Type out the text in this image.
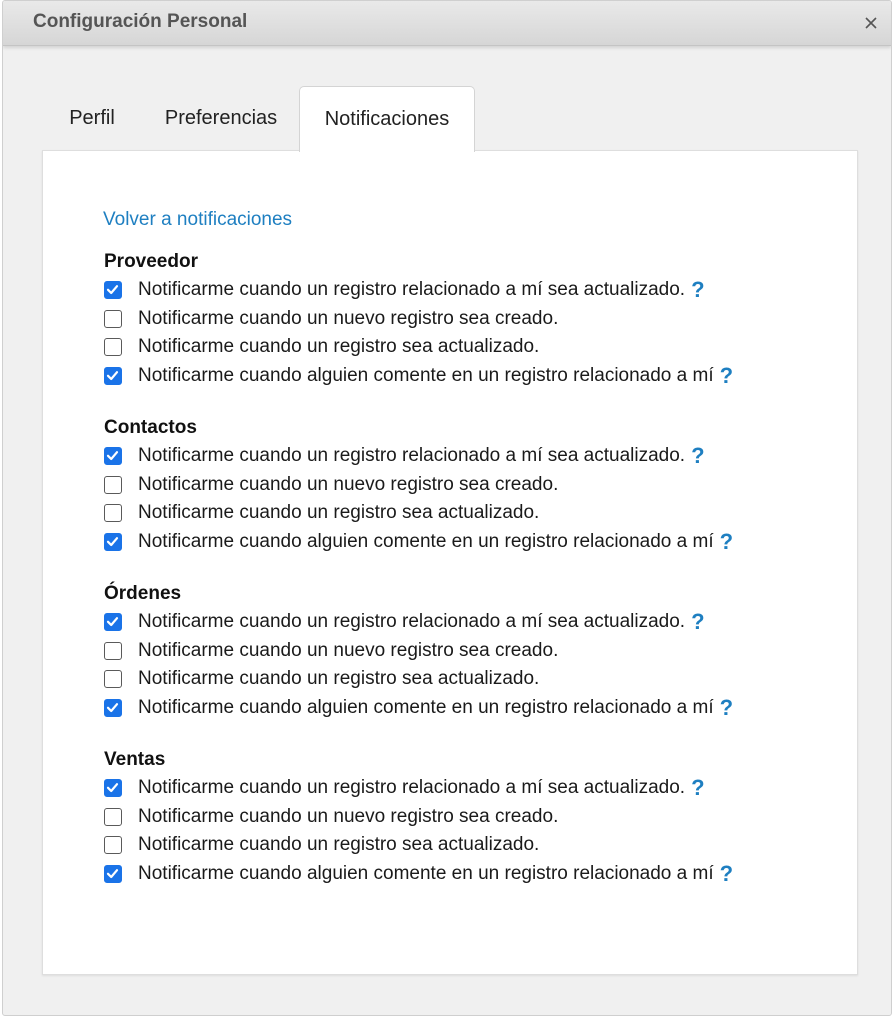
Configuración Personal
Perfil	Preferencias	Notificaciones
Volver a notificaciones
Proveedor
Notificarme cuando un registro relacionado a mí sea actualizado. ?
Notificarme cuando un nuevo registro sea creado.
Notificarme cuando un registro sea actualizado.
Notificarme cuando alguien comente en un registro relacionado a mí ?
Contactos
Notificarme cuando un registro relacionado a mí sea actualizado. ?
Notificarme cuando un nuevo registro sea creado.
Notificarme cuando un registro sea actualizado.
Notificarme cuando alguien comente en un registro relacionado a mí ?
Órdenes
Notificarme cuando un registro relacionado a mí sea actualizado. ?
Notificarme cuando un nuevo registro sea creado.
Notificarme cuando un registro sea actualizado.
Notificarme cuando alguien comente en un registro relacionado a mí ?
Ventas
Notificarme cuando un registro relacionado a mí sea actualizado. ?
Notificarme cuando un nuevo registro sea creado.
Notificarme cuando un registro sea actualizado.
Notificarme cuando alguien comente en un registro relacionado a mí ?
